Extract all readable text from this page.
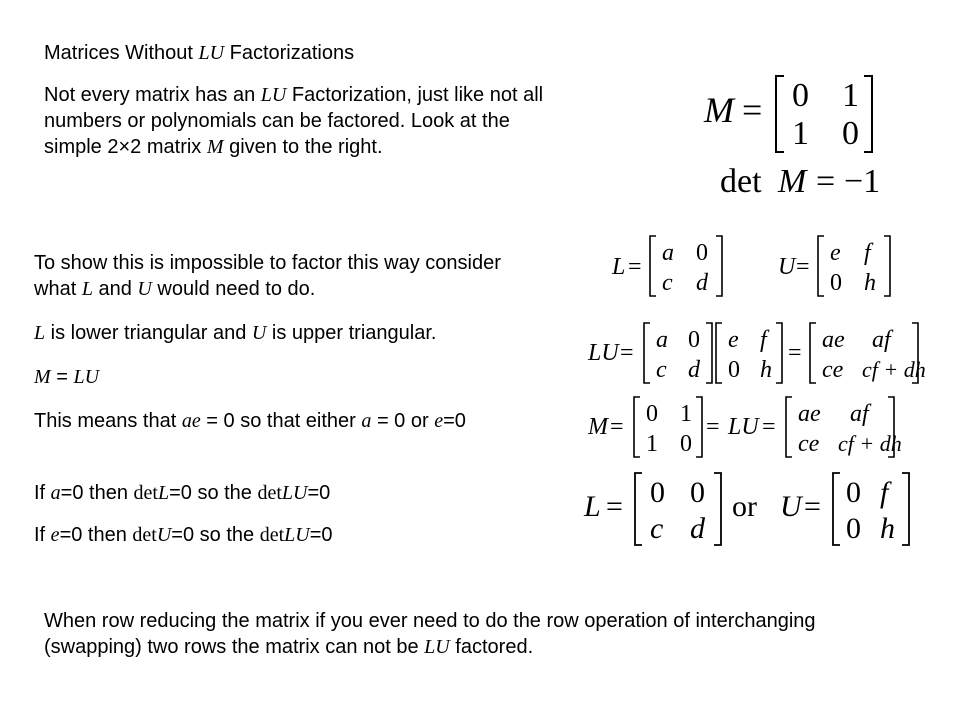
Matrices Without LU Factorizations
Not every matrix has an LU Factorization, just like not all numbers or polynomials can be factored. Look at the simple 2×2 matrix M given to the right.
M = 0 1
1 0
det M = −1
To show this is impossible to factor this way consider what L and U would need to do.
L is lower triangular and U is upper triangular.
M = LU
This means that ae = 0 so that either a = 0 or e=0
If a=0 then detL=0 so the detLU=0
If e=0 then detU=0 so the detLU=0
L =
a 0
c d
U =
e f
0 h
LU = a 0
c d
e f
0 h
= ae af
ce cf + dh
M = 0 1
1 0
= LU = ae af
ce cf + dh
L = 0 0
c d
or U = 0 f
0 h
When row reducing the matrix if you ever need to do the row operation of interchanging (swapping) two rows the matrix can not be LU factored.
